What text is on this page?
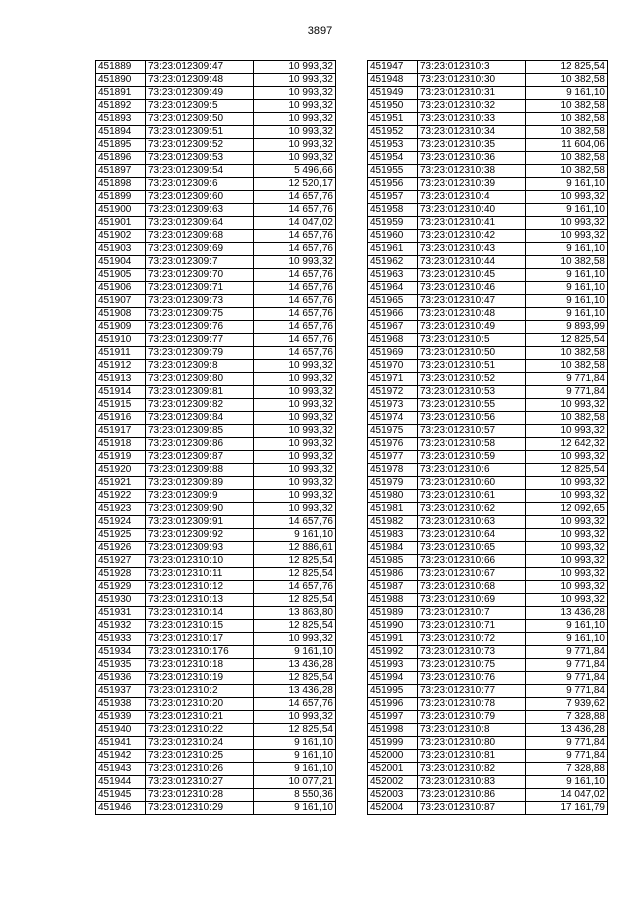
3897
451889	73:23:012309:47	10 993,32
451890	73:23:012309:48	10 993,32
451891	73:23:012309:49	10 993,32
451892	73:23:012309:5	10 993,32
451893	73:23:012309:50	10 993,32
451894	73:23:012309:51	10 993,32
451895	73:23:012309:52	10 993,32
451896	73:23:012309:53	10 993,32
451897	73:23:012309:54	5 496,66
451898	73:23:012309:6	12 520,17
451899	73:23:012309:60	14 657,76
451900	73:23:012309:63	14 657,76
451901	73:23:012309:64	14 047,02
451902	73:23:012309:68	14 657,76
451903	73:23:012309:69	14 657,76
451904	73:23:012309:7	10 993,32
451905	73:23:012309:70	14 657,76
451906	73:23:012309:71	14 657,76
451907	73:23:012309:73	14 657,76
451908	73:23:012309:75	14 657,76
451909	73:23:012309:76	14 657,76
451910	73:23:012309:77	14 657,76
451911	73:23:012309:79	14 657,76
451912	73:23:012309:8	10 993,32
451913	73:23:012309:80	10 993,32
451914	73:23:012309:81	10 993,32
451915	73:23:012309:82	10 993,32
451916	73:23:012309:84	10 993,32
451917	73:23:012309:85	10 993,32
451918	73:23:012309:86	10 993,32
451919	73:23:012309:87	10 993,32
451920	73:23:012309:88	10 993,32
451921	73:23:012309:89	10 993,32
451922	73:23:012309:9	10 993,32
451923	73:23:012309:90	10 993,32
451924	73:23:012309:91	14 657,76
451925	73:23:012309:92	9 161,10
451926	73:23:012309:93	12 886,61
451927	73:23:012310:10	12 825,54
451928	73:23:012310:11	12 825,54
451929	73:23:012310:12	14 657,76
451930	73:23:012310:13	12 825,54
451931	73:23:012310:14	13 863,80
451932	73:23:012310:15	12 825,54
451933	73:23:012310:17	10 993,32
451934	73:23:012310:176	9 161,10
451935	73:23:012310:18	13 436,28
451936	73:23:012310:19	12 825,54
451937	73:23:012310:2	13 436,28
451938	73:23:012310:20	14 657,76
451939	73:23:012310:21	10 993,32
451940	73:23:012310:22	12 825,54
451941	73:23:012310:24	9 161,10
451942	73:23:012310:25	9 161,10
451943	73:23:012310:26	9 161,10
451944	73:23:012310:27	10 077,21
451945	73:23:012310:28	8 550,36
451946	73:23:012310:29	9 161,10
451947	73:23:012310:3	12 825,54
451948	73:23:012310:30	10 382,58
451949	73:23:012310:31	9 161,10
451950	73:23:012310:32	10 382,58
451951	73:23:012310:33	10 382,58
451952	73:23:012310:34	10 382,58
451953	73:23:012310:35	11 604,06
451954	73:23:012310:36	10 382,58
451955	73:23:012310:38	10 382,58
451956	73:23:012310:39	9 161,10
451957	73:23:012310:4	10 993,32
451958	73:23:012310:40	9 161,10
451959	73:23:012310:41	10 993,32
451960	73:23:012310:42	10 993,32
451961	73:23:012310:43	9 161,10
451962	73:23:012310:44	10 382,58
451963	73:23:012310:45	9 161,10
451964	73:23:012310:46	9 161,10
451965	73:23:012310:47	9 161,10
451966	73:23:012310:48	9 161,10
451967	73:23:012310:49	9 893,99
451968	73:23:012310:5	12 825,54
451969	73:23:012310:50	10 382,58
451970	73:23:012310:51	10 382,58
451971	73:23:012310:52	9 771,84
451972	73:23:012310:53	9 771,84
451973	73:23:012310:55	10 993,32
451974	73:23:012310:56	10 382,58
451975	73:23:012310:57	10 993,32
451976	73:23:012310:58	12 642,32
451977	73:23:012310:59	10 993,32
451978	73:23:012310:6	12 825,54
451979	73:23:012310:60	10 993,32
451980	73:23:012310:61	10 993,32
451981	73:23:012310:62	12 092,65
451982	73:23:012310:63	10 993,32
451983	73:23:012310:64	10 993,32
451984	73:23:012310:65	10 993,32
451985	73:23:012310:66	10 993,32
451986	73:23:012310:67	10 993,32
451987	73:23:012310:68	10 993,32
451988	73:23:012310:69	10 993,32
451989	73:23:012310:7	13 436,28
451990	73:23:012310:71	9 161,10
451991	73:23:012310:72	9 161,10
451992	73:23:012310:73	9 771,84
451993	73:23:012310:75	9 771,84
451994	73:23:012310:76	9 771,84
451995	73:23:012310:77	9 771,84
451996	73:23:012310:78	7 939,62
451997	73:23:012310:79	7 328,88
451998	73:23:012310:8	13 436,28
451999	73:23:012310:80	9 771,84
452000	73:23:012310:81	9 771,84
452001	73:23:012310:82	7 328,88
452002	73:23:012310:83	9 161,10
452003	73:23:012310:86	14 047,02
452004	73:23:012310:87	17 161,79
